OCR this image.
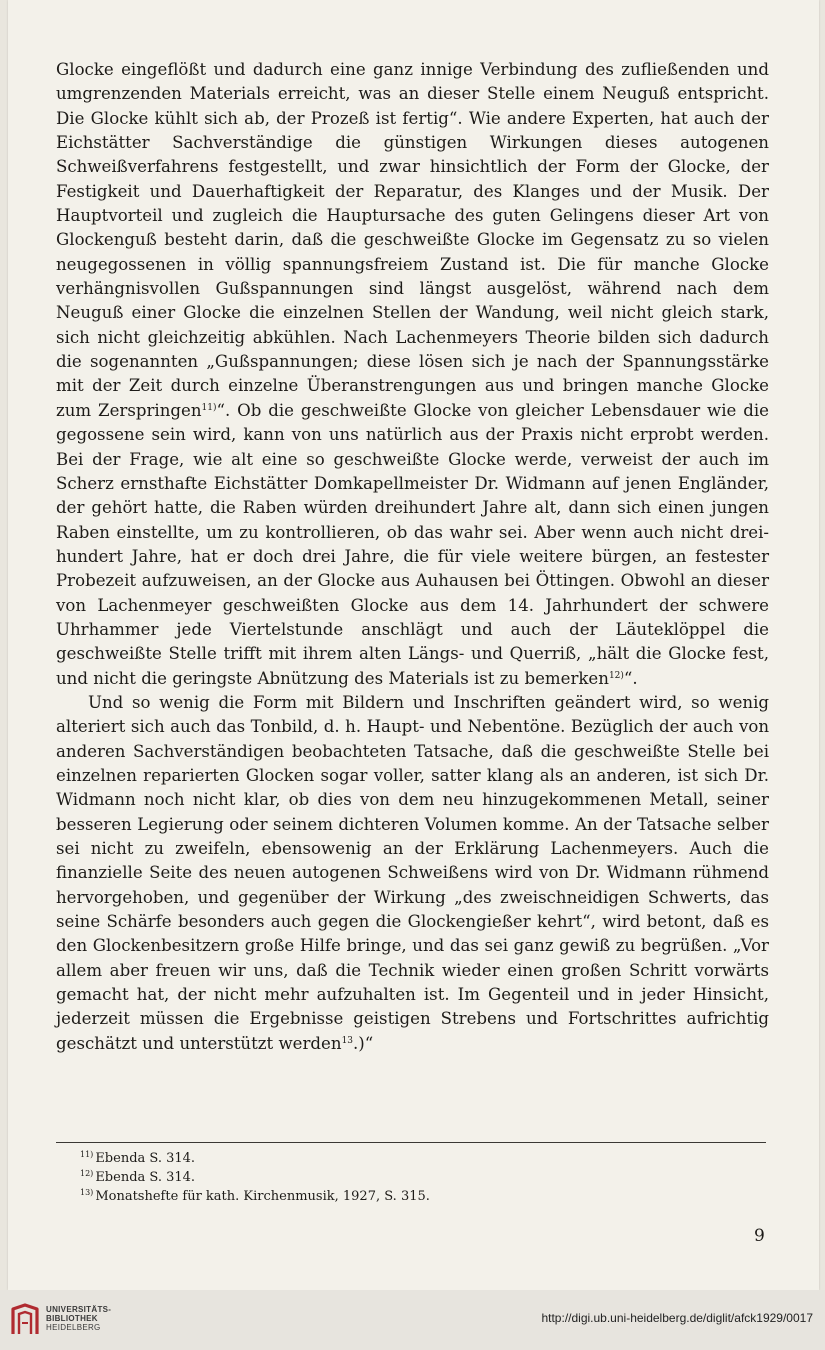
Glocke eingeflößt und dadurch eine ganz innige Verbindung des zufließenden und umgrenzenden Materials erreicht, was an dieser Stelle einem Neuguß entspricht. Die Glocke kühlt sich ab, der Prozeß ist fertig“. Wie andere Experten, hat auch der Eichstätter Sachverständige die günstigen Wirkungen dieses autogenen Schweißverfahrens festgestellt, und zwar hinsichtlich der Form der Glocke, der Festigkeit und Dauerhaftigkeit der Reparatur, des Klanges und der Musik. Der Hauptvorteil und zugleich die Hauptursache des guten Gelingens dieser Art von Glockenguß besteht darin, daß die geschweißte Glocke im Gegensatz zu so vielen neugegossenen in völlig spannungsfreiem Zustand ist. Die für manche Glocke verhängnisvollen Gußspannungen sind längst ausgelöst, während nach dem Neuguß einer Glocke die einzelnen Stellen der Wandung, weil nicht gleich stark, sich nicht gleichzeitig abkühlen. Nach Lachenmeyers Theorie bilden sich dadurch die sogenannten „Gußspannungen; diese lösen sich je nach der Spannungsstärke mit der Zeit durch einzelne Überanstrengungen aus und bringen manche Glocke zum Zerspringen$^{11)}$“. Ob die geschweißte Glocke von gleicher Lebensdauer wie die gegossene sein wird, kann von uns natürlich aus der Praxis nicht erprobt werden. Bei der Frage, wie alt eine so geschweißte Glocke werde, verweist der auch im Scherz ernsthafte Eichstätter Domkapellmeister Dr. Widmann auf jenen Engländer, der gehört hatte, die Raben würden dreihundert Jahre alt, dann sich einen jungen Raben einstellte, um zu kontrollieren, ob das wahr sei. Aber wenn auch nicht dreihundert Jahre, hat er doch drei Jahre, die für viele weitere bürgen, an festester Probezeit aufzuweisen, an der Glocke aus Auhausen bei Öttingen. Obwohl an dieser von Lachenmeyer geschweißten Glocke aus dem 14. Jahrhundert der schwere Uhrhammer jede Viertelstunde anschlägt und auch der Läuteklöppel die geschweißte Stelle trifft mit ihrem alten Längs- und Querriß, „hält die Glocke fest, und nicht die geringste Abnützung des Materials ist zu bemerken$^{12)}$“.

Und so wenig die Form mit Bildern und Inschriften geändert wird, so wenig alteriert sich auch das Tonbild, d. h. Haupt- und Nebentöne. Bezüglich der auch von anderen Sachverständigen beobachteten Tatsache, daß die geschweißte Stelle bei einzelnen reparierten Glocken sogar voller, satter klang als an anderen, ist sich Dr. Widmann noch nicht klar, ob dies von dem neu hinzugekommenen Metall, seiner besseren Legierung oder seinem dichteren Volumen komme. An der Tatsache selber sei nicht zu zweifeln, ebensowenig an der Erklärung Lachenmeyers. Auch die finanzielle Seite des neuen autogenen Schweißens wird von Dr. Widmann rühmend hervorgehoben, und gegenüber der Wirkung „des zweischneidigen Schwerts, das seine Schärfe besonders auch gegen die Glockengießer kehrt“, wird betont, daß es den Glockenbesitzern große Hilfe bringe, und das sei ganz gewiß zu begrüßen. „Vor allem aber freuen wir uns, daß die Technik wieder einen großen Schritt vorwärts gemacht hat, der nicht mehr aufzuhalten ist. Im Gegenteil und in jeder Hinsicht, jederzeit müssen die Ergebnisse geistigen Strebens und Fortschrittes aufrichtig geschätzt und unterstützt werden$^{13}$.)“

$^{11)}$ Ebenda S. 314.
$^{12)}$ Ebenda S. 314.
$^{13)}$ Monatshefte für kath. Kirchenmusik, 1927, S. 315.
9
UNIVERSITÄTS-
BIBLIOTHEK
HEIDELBERG
http://digi.ub.uni-heidelberg.de/diglit/afck1929/0017
